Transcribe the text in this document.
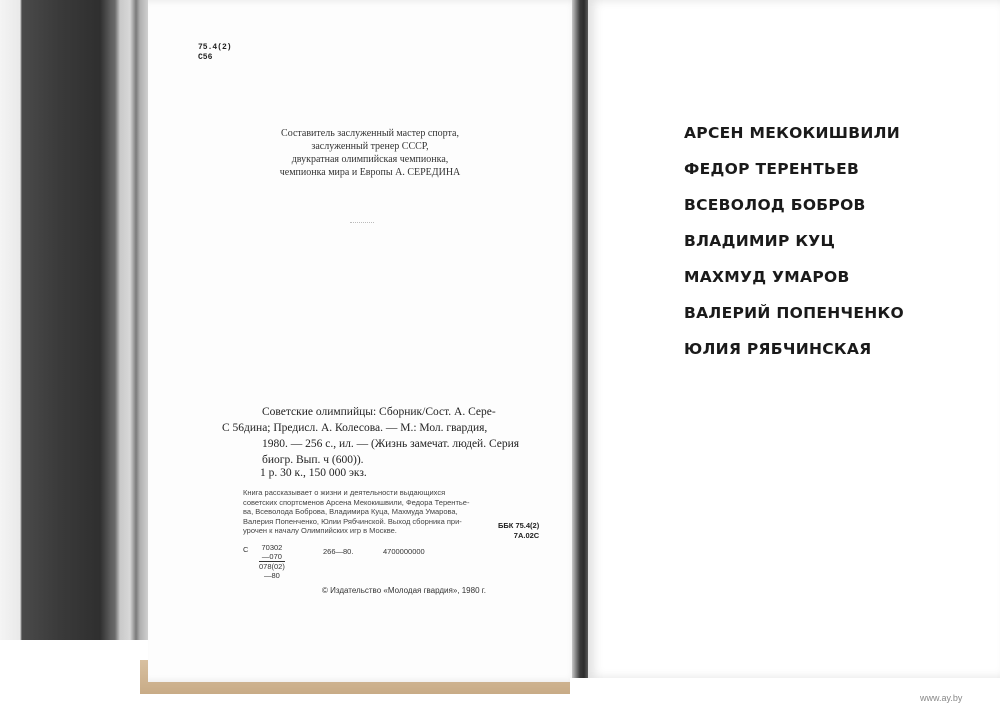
75.4(2)
С56
Составитель заслуженный мастер спорта,
заслуженный тренер СССР,
двукратная олимпийская чемпионка,
чемпионка мира и Европы А. СЕРЕДИНА
Советские олимпийцы: Сборник/Сост. А. Сере-
С 56дина; Предисл. А. Колесова. — М.: Мол. гвардия,
1980. — 256 с., ил. — (Жизнь замечат. людей. Серия
биогр. Вып. ч (600)).
1 р. 30 к., 150 000 экз.
Книга рассказывает о жизни и деятельности выдающихся
советских спортсменов Арсена Мекокишвили, Федора Терентье-
ва, Всеволода Боброва, Владимира Куца, Махмуда Умарова,
Валерия Попенченко, Юлии Рябчинской. Выход сборника при-
урочен к началу Олимпийских игр в Москве.
ББК 75.4(2)
7А.02С
С $\frac{70302—070}{078(02)—80}$	266—80.	4700000000
© Издательство «Молодая гвардия», 1980 г.
АРСЕН МЕКОКИШВИЛИ
ФЕДОР ТЕРЕНТЬЕВ
ВСЕВОЛОД БОБРОВ
ВЛАДИМИР КУЦ
МАХМУД УМАРОВ
ВАЛЕРИЙ ПОПЕНЧЕНКО
ЮЛИЯ РЯБЧИНСКАЯ
www.ay.by
